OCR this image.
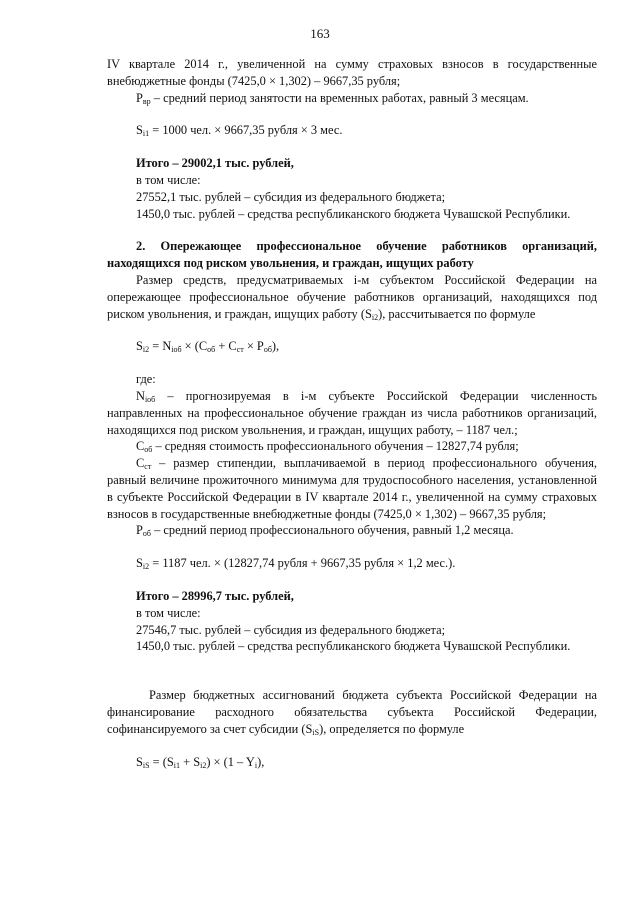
163

IV квартале 2014 г., увеличенной на сумму страховых взносов в государственные внебюджетные фонды (7425,0 × 1,302) – 9667,35 рубля;

$Р_{вр}$ – средний период занятости на временных работах, равный 3 месяцам.

$S_{i1} = 1000$ чел. × 9667,35 рубля × 3 мес.

Итого – 29002,1 тыс. рублей,

в том числе:

27552,1 тыс. рублей – субсидия из федерального бюджета;

1450,0 тыс. рублей – средства республиканского бюджета Чувашской Республики.

2. Опережающее профессиональное обучение работников организаций, находящихся под риском увольнения, и граждан, ищущих работу

Размер средств, предусматриваемых i-м субъектом Российской Федерации на опережающее профессиональное обучение работников организаций, находящихся под риском увольнения, и граждан, ищущих работу $(S_{i2})$, рассчитывается по формуле

$S_{i2} = N_{iоб} \times (С_{об} + С_{ст} \times Р_{об})$,

где:

$N_{iоб}$ – прогнозируемая в i-м субъекте Российской Федерации численность направленных на профессиональное обучение граждан из числа работников организаций, находящихся под риском увольнения, и граждан, ищущих работу, – 1187 чел.;

$С_{об}$ – средняя стоимость профессионального обучения – 12827,74 рубля;

$С_{ст}$ – размер стипендии, выплачиваемой в период профессионального обучения, равный величине прожиточного минимума для трудоспособного населения, установленной в субъекте Российской Федерации в IV квартале 2014 г., увеличенной на сумму страховых взносов в государственные внебюджетные фонды (7425,0 × 1,302) – 9667,35 рубля;

$Р_{об}$ – средний период профессионального обучения, равный 1,2 месяца.

$S_{i2} = 1187$ чел. × (12827,74 рубля + 9667,35 рубля × 1,2 мес.).

Итого – 28996,7 тыс. рублей,

в том числе:

27546,7 тыс. рублей – субсидия из федерального бюджета;

1450,0 тыс. рублей – средства республиканского бюджета Чувашской Республики.

Размер бюджетных ассигнований бюджета субъекта Российской Федерации на финансирование расходного обязательства субъекта Российской Федерации, софинансируемого за счет субсидии $(S_{iS})$, определяется по формуле

$S_{iS} = (S_{i1} + S_{i2}) \times (1 - Y_i)$,
